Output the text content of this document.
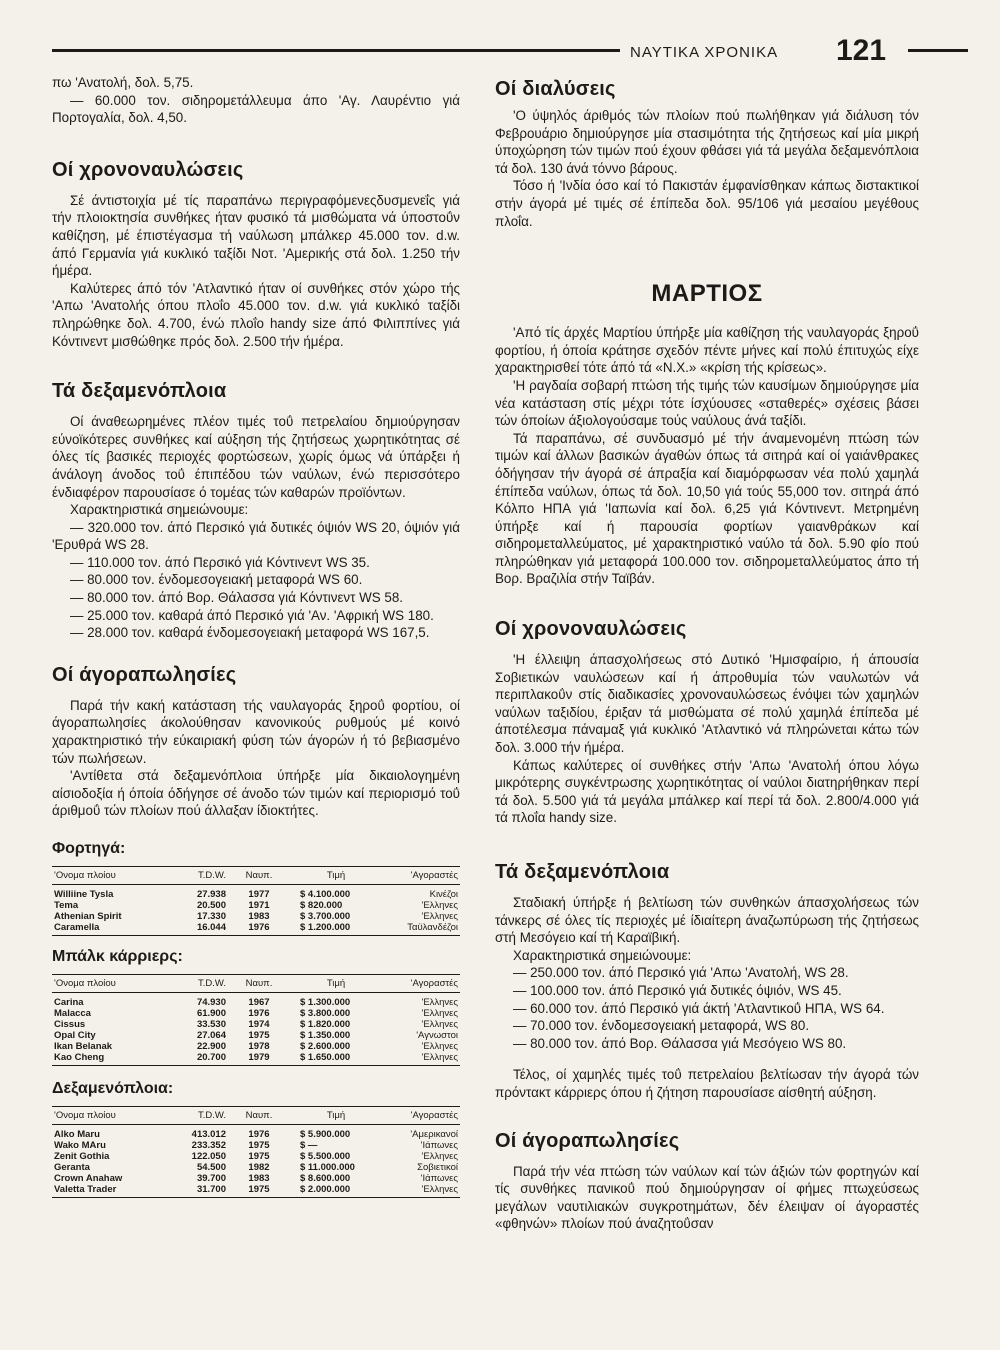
ΝΑΥΤΙΚΑ ΧΡΟΝΙΚΑ 121

πω 'Ανατολή, δολ. 5,75.

— 60.000 τον. σιδηρομετάλλευμα άπο 'Αγ. Λαυρέντιο γιά Πορτογαλία, δολ. 4,50.

Οί χρονοναυλώσεις

Σέ άντιστοιχία μέ τίς παραπάνω περιγραφόμενεςδυσμενεΐς γιά τήν πλοιοκτησία συνθήκες ήταν φυσικό τά μισθώματα νά ύποστοΰν καθίζηση, μέ έπιστέγασμα τή ναύλωση μπάλκερ 45.000 τον. d.w. άπό Γερμανία γιά κυκλικό ταξίδι Νοτ. 'Αμερικής στά δολ. 1.250 τήν ήμέρα.

Καλύτερες άπό τόν 'Ατλαντικό ήταν οί συνθήκες στόν χώρο τής 'Απω 'Ανατολής όπου πλοΐο 45.000 τον. d.w. γιά κυκλικό ταξίδι πληρώθηκε δολ. 4.700, ένώ πλοΐο handy size άπό Φιλιππίνες γιά Κόντινεντ μισθώθηκε πρός δολ. 2.500 τήν ήμέρα.

Τά δεξαμενόπλοια

Οί άναθεωρημένες πλέον τιμές τοΰ πετρελαίου δημιούργησαν εύνοϊκότερες συνθήκες καί αύξηση τής ζητήσεως χωρητικότητας σέ όλες τίς βασικές περιοχές φορτώσεων, χωρίς όμως νά ύπάρξει ή άνάλογη άνοδος τοΰ έπιπέδου τών ναύλων, ένώ περισσότερο ένδιαφέρον παρουσίασε ό τομέας τών καθαρών προϊόντων.

Χαρακτηριστικά σημειώνουμε:

— 320.000 τον. άπό Περσικό γιά δυτικές όψιόν WS 20, όψιόν γιά 'Ερυθρά WS 28.

— 110.000 τον. άπό Περσικό γιά Κόντινεντ WS 35.

— 80.000 τον. ένδομεσογειακή μεταφορά WS 60.

— 80.000 τον. άπό Βορ. Θάλασσα γιά Κόντινεντ WS 58.

— 25.000 τον. καθαρά άπό Περσικό γιά 'Αν. 'Αφρική WS 180.

— 28.000 τον. καθαρά ένδομεσογειακή μεταφορά WS 167,5.

Οί άγοραπωλησίες

Παρά τήν κακή κατάσταση τής ναυλαγοράς ξηροΰ φορτίου, οί άγοραπωλησίες άκολούθησαν κανονικούς ρυθμούς μέ κοινό χαρακτηριστικό τήν εύκαιριακή φύση τών άγορών ή τό βεβιασμένο τών πωλήσεων.

'Αντίθετα στά δεξαμενόπλοια ύπήρξε μία δικαιολογημένη αίσιοδοξία ή όποία όδήγησε σέ άνοδο τών τιμών καί περιορισμό τοΰ άριθμοΰ τών πλοίων πού άλλαξαν ίδιοκτήτες.

Φορτηγά:
'Ονομα πλοίου	T.D.W.	Ναυπ.	Τιμή	'Αγοραστές
Williine Tysla	27.938	1977	$ 4.100.000	Κινέζοι
Tema	20.500	1971	$ 820.000	'Ελληνες
Athenian Spirit	17.330	1983	$ 3.700.000	'Ελληνες
Caramella	16.044	1976	$ 1.200.000	Ταϋλανδέζοι
Μπάλκ κάρριερς:
'Ονομα πλοίου	T.D.W.	Ναυπ.	Τιμή	'Αγοραστές
Carina	74.930	1967	$ 1.300.000	'Ελληνες
Malacca	61.900	1976	$ 3.800.000	'Ελληνες
Cissus	33.530	1974	$ 1.820.000	'Ελληνες
Opal City	27.064	1975	$ 1.350.000	'Αγνωστοι
Ikan Belanak	22.900	1978	$ 2.600.000	'Ελληνες
Kao Cheng	20.700	1979	$ 1.650.000	'Ελληνες
Δεξαμενόπλοια:
'Ονομα πλοίου	T.D.W.	Ναυπ.	Τιμή	'Αγοραστές
Alko Maru	413.012	1976	$ 5.900.000	'Αμερικανοί
Wako MAru	233.352	1975	$ —	'Ιάπωνες
Zenit Gothia	122.050	1975	$ 5.500.000	'Ελληνες
Geranta	54.500	1982	$ 11.000.000	Σοβιετικοί
Crown Anahaw	39.700	1983	$ 8.600.000	'Ιάπωνες
Valetta Trader	31.700	1975	$ 2.000.000	'Ελληνες
Οί διαλύσεις

'Ο ύψηλός άριθμός τών πλοίων πού πωλήθηκαν γιά διάλυση τόν Φεβρουάριο δημιούργησε μία στασιμότητα τής ζητήσεως καί μία μικρή ύποχώρηση τών τιμών πού έχουν φθάσει γιά τά μεγάλα δεξαμενόπλοια τά δολ. 130 άνά τόννο βάρους.

Τόσο ή 'Ινδία όσο καί τό Πακιστάν έμφανίσθηκαν κάπως διστακτικοί στήν άγορά μέ τιμές σέ έπίπεδα δολ. 95/106 γιά μεσαίου μεγέθους πλοΐα.

ΜΑΡΤΙΟΣ

'Από τίς άρχές Μαρτίου ύπήρξε μία καθίζηση τής ναυλαγοράς ξηροΰ φορτίου, ή όποία κράτησε σχεδόν πέντε μήνες καί πολύ έπιτυχώς είχε χαρακτηρισθεί τότε άπό τά «Ν.Χ.» «κρίση τής κρίσεως».

'Η ραγδαία σοβαρή πτώση τής τιμής τών καυσίμων δημιούργησε μία νέα κατάσταση στίς μέχρι τότε ίσχύουσες «σταθερές» σχέσεις βάσει τών όποίων άξιολογούσαμε τούς ναύλους άνά ταξίδι.

Τά παραπάνω, σέ συνδυασμό μέ τήν άναμενομένη πτώση τών τιμών καί άλλων βασικών άγαθών όπως τά σιτηρά καί οί γαιάνθρακες όδήγησαν τήν άγορά σέ άπραξία καί διαμόρφωσαν νέα πολύ χαμηλά έπίπεδα ναύλων, όπως τά δολ. 10,50 γιά τούς 55,000 τον. σιτηρά άπό Κόλπο ΗΠΑ γιά 'Ιαπωνία καί δολ. 6,25 γιά Κόντινεντ. Μετρημένη ύπήρξε καί ή παρουσία φορτίων γαιανθράκων καί σιδηρομεταλλεύματος, μέ χαρακτηριστικό ναύλο τά δολ. 5.90 φίο πού πληρώθηκαν γιά μεταφορά 100.000 τον. σιδηρομεταλλεύματος άπο τή Βορ. Βραζιλία στήν Ταϊβάν.

Οί χρονοναυλώσεις

'Η έλλειψη άπασχολήσεως στό Δυτικό 'Ημισφαίριο, ή άπουσία Σοβιετικών ναυλώσεων καί ή άπροθυμία τών ναυλωτών νά περιπλακοΰν στίς διαδικασίες χρονοναυλώσεως ένόψει τών χαμηλών ναύλων ταξιδίου, έριξαν τά μισθώματα σέ πολύ χαμηλά έπίπεδα μέ άποτέλεσμα πάναμαξ γιά κυκλικό 'Ατλαντικό νά πληρώνεται κάτω τών δολ. 3.000 τήν ήμέρα.

Κάπως καλύτερες οί συνθήκες στήν 'Απω 'Ανατολή όπου λόγω μικρότερης συγκέντρωσης χωρητικότητας οί ναύλοι διατηρήθηκαν περί τά δολ. 5.500 γιά τά μεγάλα μπάλκερ καί περί τά δολ. 2.800/4.000 γιά τά πλοΐα handy size.

Τά δεξαμενόπλοια

Σταδιακή ύπήρξε ή βελτίωση τών συνθηκών άπασχολήσεως τών τάνκερς σέ όλες τίς περιοχές μέ ίδιαίτερη άναζωπύρωση τής ζητήσεως στή Μεσόγειο καί τή Καραϊβική.

Χαρακτηριστικά σημειώνουμε:

— 250.000 τον. άπό Περσικό γιά 'Απω 'Ανατολή, WS 28.

— 100.000 τον. άπό Περσικό γιά δυτικές όψιόν, WS 45.

— 60.000 τον. άπό Περσικό γιά άκτή 'Ατλαντικοΰ ΗΠΑ, WS 64.

— 70.000 τον. ένδομεσογειακή μεταφορά, WS 80.

— 80.000 τον. άπό Βορ. Θάλασσα γιά Μεσόγειο WS 80.

Τέλος, οί χαμηλές τιμές τοΰ πετρελαίου βελτίωσαν τήν άγορά τών πρόντακτ κάρριερς όπου ή ζήτηση παρουσίασε αίσθητή αύξηση.

Οί άγοραπωλησίες

Παρά τήν νέα πτώση τών ναύλων καί τών άξιών τών φορτηγών καί τίς συνθήκες πανικοΰ πού δημιούργησαν οί φήμες πτωχεύσεως μεγάλων ναυτιλιακών συγκροτημάτων, δέν έλειψαν οί άγοραστές «φθηνών» πλοίων πού άναζητοΰσαν
